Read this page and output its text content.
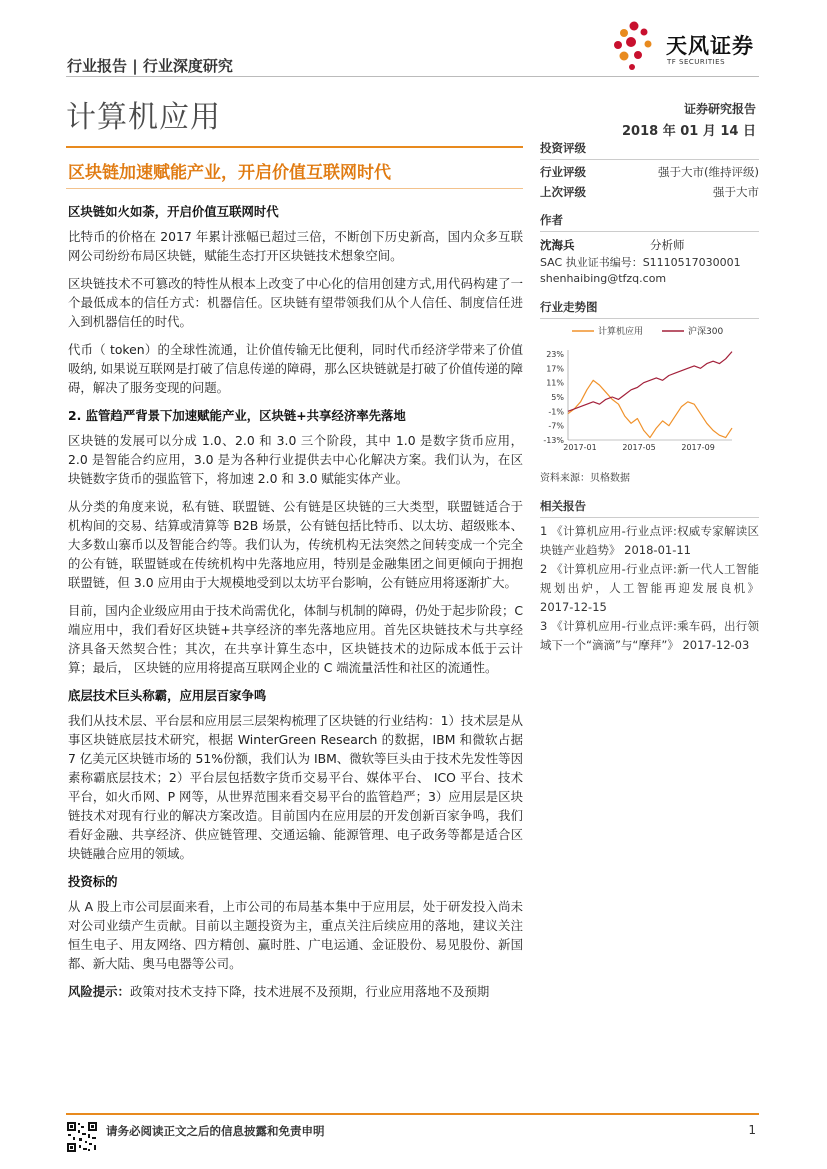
行业报告 | 行业深度研究
天风证券
TF SECURITIES
计算机应用	证券研究报告
2018 年 01 月 14 日
区块链加速赋能产业，开启价值互联网时代
区块链如火如荼，开启价值互联网时代

比特币的价格在 2017 年累计涨幅已超过三倍，不断创下历史新高，国内众多互联网公司纷纷布局区块链，赋能生态打开区块链技术想象空间。

区块链技术不可篡改的特性从根本上改变了中心化的信用创建方式,用代码构建了一个最低成本的信任方式：机器信任。区块链有望带领我们从个人信任、制度信任进入到机器信任的时代。

代币（ token）的全球性流通，让价值传输无比便利，同时代币经济学带来了价值吸纳, 如果说互联网是打破了信息传递的障碍，那么区块链就是打破了价值传递的障碍，解决了服务变现的问题。

2. 监管趋严背景下加速赋能产业，区块链+共享经济率先落地

区块链的发展可以分成 1.0、2.0 和 3.0 三个阶段，其中 1.0 是数字货币应用，2.0 是智能合约应用，3.0 是为各种行业提供去中心化解决方案。我们认为，在区块链数字货币的强监管下，将加速 2.0 和 3.0 赋能实体产业。

从分类的角度来说，私有链、联盟链、公有链是区块链的三大类型，联盟链适合于机构间的交易、结算或清算等 B2B 场景，公有链包括比特币、以太坊、超级账本、大多数山寨币以及智能合约等。我们认为，传统机构无法突然之间转变成一个完全的公有链，联盟链或在传统机构中先落地应用，特别是金融集团之间更倾向于拥抱联盟链，但 3.0 应用由于大规模地受到以太坊平台影响，公有链应用将逐渐扩大。

目前，国内企业级应用由于技术尚需优化，体制与机制的障碍，仍处于起步阶段；C 端应用中，我们看好区块链+共享经济的率先落地应用。首先区块链技术与共享经济具备天然契合性；其次，在共享计算生态中，区块链技术的边际成本低于云计算；最后， 区块链的应用将提高互联网企业的 C 端流量活性和社区的流通性。

底层技术巨头称霸，应用层百家争鸣

我们从技术层、平台层和应用层三层架构梳理了区块链的行业结构：1）技术层是从事区块链底层技术研究，根据 WinterGreen Research 的数据，IBM 和微软占据 7 亿美元区块链市场的 51%份额，我们认为 IBM、微软等巨头由于技术先发性等因素称霸底层技术；2）平台层包括数字货币交易平台、媒体平台、 ICO 平台、技术平台，如火币网、P 网等，从世界范围来看交易平台的监管趋严；3）应用层是区块链技术对现有行业的解决方案改造。目前国内在应用层的开发创新百家争鸣，我们看好金融、共享经济、供应链管理、交通运输、能源管理、电子政务等都是适合区块链融合应用的领域。

投资标的

从 A 股上市公司层面来看，上市公司的布局基本集中于应用层，处于研发投入尚未对公司业绩产生贡献。目前以主题投资为主，重点关注后续应用的落地，建议关注恒生电子、用友网络、四方精创、赢时胜、广电运通、金证股份、易见股份、新国都、新大陆、奥马电器等公司。

风险提示：政策对技术支持下降，技术进展不及预期，行业应用落地不及预期

投资评级
行业评级	强于大市(维持评级)
上次评级	强于大市
作者
沈海兵	分析师
SAC 执业证书编号：S1110517030001
shenhaibing@tfzq.com
行业走势图
计算机应用	沪深300
23%
17%
11%
5%
-1%
-7%
-13%
2017-01	2017-05	2017-09
资料来源：贝格数据
相关报告
1 《计算机应用-行业点评:权威专家解读区块链产业趋势》 2018-01-11
2 《计算机应用-行业点评:新一代人工智能规划出炉，人工智能再迎发展良机》 2017-12-15
3 《计算机应用-行业点评:乘车码，出行领域下一个“滴滴”与“摩拜”》 2017-12-03
请务必阅读正文之后的信息披露和免责申明	1
